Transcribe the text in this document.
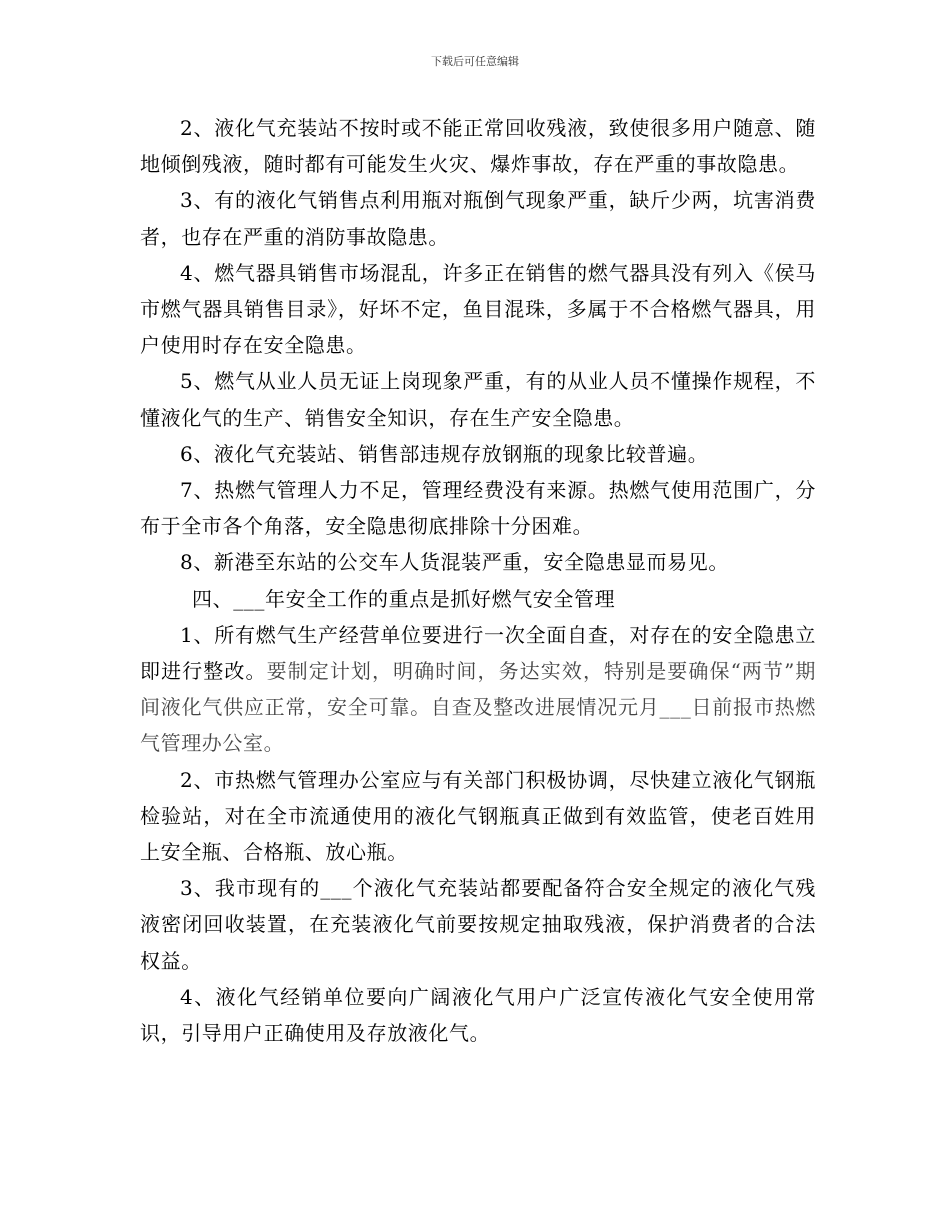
下载后可任意编辑

2、液化气充装站不按时或不能正常回收残液，致使很多用户随意、随地倾倒残液，随时都有可能发生火灾、爆炸事故，存在严重的事故隐患。

3、有的液化气销售点利用瓶对瓶倒气现象严重，缺斤少两，坑害消费者，也存在严重的消防事故隐患。

4、燃气器具销售市场混乱，许多正在销售的燃气器具没有列入《侯马市燃气器具销售目录》，好坏不定，鱼目混珠，多属于不合格燃气器具，用户使用时存在安全隐患。

5、燃气从业人员无证上岗现象严重，有的从业人员不懂操作规程，不懂液化气的生产、销售安全知识，存在生产安全隐患。

6、液化气充装站、销售部违规存放钢瓶的现象比较普遍。

7、热燃气管理人力不足，管理经费没有来源。热燃气使用范围广，分布于全市各个角落，安全隐患彻底排除十分困难。

8、新港至东站的公交车人货混装严重，安全隐患显而易见。

四、___年安全工作的重点是抓好燃气安全管理

1、所有燃气生产经营单位要进行一次全面自查，对存在的安全隐患立即进行整改。要制定计划，明确时间，务达实效，特别是要确保“两节”期间液化气供应正常，安全可靠。自查及整改进展情况元月___日前报市热燃气管理办公室。

2、市热燃气管理办公室应与有关部门积极协调，尽快建立液化气钢瓶检验站，对在全市流通使用的液化气钢瓶真正做到有效监管，使老百姓用上安全瓶、合格瓶、放心瓶。

3、我市现有的___个液化气充装站都要配备符合安全规定的液化气残液密闭回收装置，在充装液化气前要按规定抽取残液，保护消费者的合法权益。

4、液化气经销单位要向广阔液化气用户广泛宣传液化气安全使用常识，引导用户正确使用及存放液化气。
